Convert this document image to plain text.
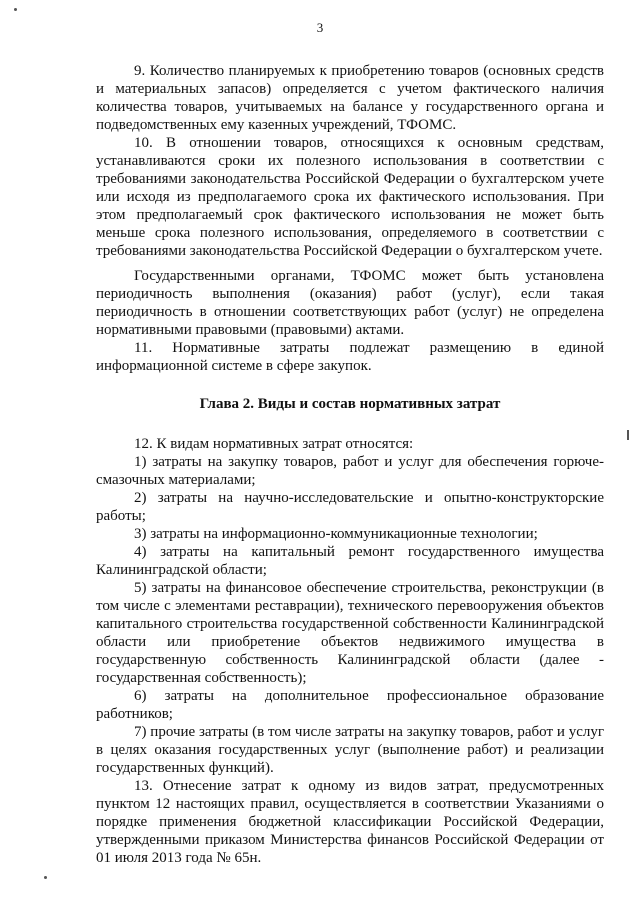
3

9. Количество планируемых к приобретению товаров (основных средств и материальных запасов) определяется с учетом фактического наличия количества товаров, учитываемых на балансе у государственного органа и подведомственных ему казенных учреждений, ТФОМС.

10. В отношении товаров, относящихся к основным средствам, устанавливаются сроки их полезного использования в соответствии с требованиями законодательства Российской Федерации о бухгалтерском учете или исходя из предполагаемого срока их фактического использования. При этом предполагаемый срок фактического использования не может быть меньше срока полезного использования, определяемого в соответствии с требованиями законодательства Российской Федерации о бухгалтерском учете.

Государственными органами, ТФОМС может быть установлена периодичность выполнения (оказания) работ (услуг), если такая периодичность в отношении соответствующих работ (услуг) не определена нормативными правовыми (правовыми) актами.

11. Нормативные затраты подлежат размещению в единой информационной системе в сфере закупок.

Глава 2. Виды и состав нормативных затрат

12. К видам нормативных затрат относятся:

1) затраты на закупку товаров, работ и услуг для обеспечения горюче-смазочных материалами;

2) затраты на научно-исследовательские и опытно-конструкторские работы;

3) затраты на информационно-коммуникационные технологии;

4) затраты на капитальный ремонт государственного имущества Калининградской области;

5) затраты на финансовое обеспечение строительства, реконструкции (в том числе с элементами реставрации), технического перевооружения объектов капитального строительства государственной собственности Калининградской области или приобретение объектов недвижимого имущества в государственную собственность Калининградской области (далее - государственная собственность);

6) затраты на дополнительное профессиональное образование работников;

7) прочие затраты (в том числе затраты на закупку товаров, работ и услуг в целях оказания государственных услуг (выполнение работ) и реализации государственных функций).

13. Отнесение затрат к одному из видов затрат, предусмотренных пунктом 12 настоящих правил, осуществляется в соответствии Указаниями о порядке применения бюджетной классификации Российской Федерации, утвержденными приказом Министерства финансов Российской Федерации от 01 июля 2013 года № 65н.
